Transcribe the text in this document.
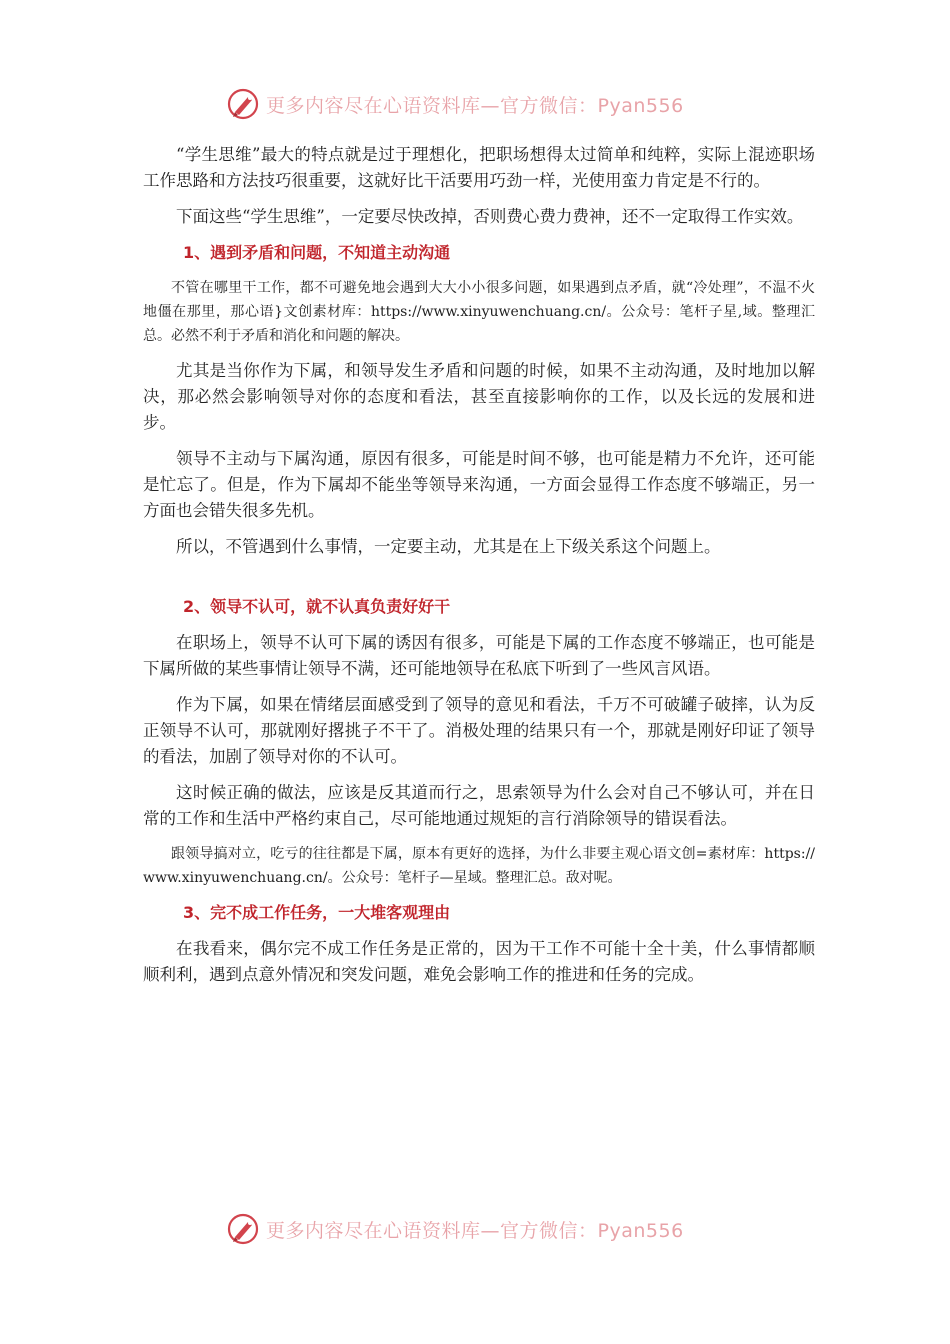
更多内容尽在心语资料库—官方微信：Pyan556

“学生思维”最大的特点就是过于理想化，把职场想得太过简单和纯粹，实际上混迹职场工作思路和方法技巧很重要，这就好比干活要用巧劲一样，光使用蛮力肯定是不行的。

下面这些“学生思维”，一定要尽快改掉，否则费心费力费神，还不一定取得工作实效。

1、遇到矛盾和问题，不知道主动沟通

不管在哪里干工作，都不可避免地会遇到大大小小很多问题，如果遇到点矛盾，就“冷处理”，不温不火地僵在那里，那心语}文创素材库：https://www.xinyuwenchuang.cn/。公众号：笔杆子星,域。整理汇总。必然不利于矛盾和消化和问题的解决。

尤其是当你作为下属，和领导发生矛盾和问题的时候，如果不主动沟通，及时地加以解决，那必然会影响领导对你的态度和看法，甚至直接影响你的工作，以及长远的发展和进步。

领导不主动与下属沟通，原因有很多，可能是时间不够，也可能是精力不允许，还可能是忙忘了。但是，作为下属却不能坐等领导来沟通，一方面会显得工作态度不够端正，另一方面也会错失很多先机。

所以，不管遇到什么事情，一定要主动，尤其是在上下级关系这个问题上。

2、领导不认可，就不认真负责好好干

在职场上，领导不认可下属的诱因有很多，可能是下属的工作态度不够端正，也可能是下属所做的某些事情让领导不满，还可能地领导在私底下听到了一些风言风语。

作为下属，如果在情绪层面感受到了领导的意见和看法，千万不可破罐子破摔，认为反正领导不认可，那就刚好撂挑子不干了。消极处理的结果只有一个，那就是刚好印证了领导的看法，加剧了领导对你的不认可。

这时候正确的做法，应该是反其道而行之，思索领导为什么会对自己不够认可，并在日常的工作和生活中严格约束自己，尽可能地通过规矩的言行消除领导的错误看法。

跟领导搞对立，吃亏的往往都是下属，原本有更好的选择，为什么非要主观心语文创=素材库：https://www.xinyuwenchuang.cn/。公众号：笔杆子—星域。整理汇总。敌对呢。

3、完不成工作任务，一大堆客观理由

在我看来，偶尔完不成工作任务是正常的，因为干工作不可能十全十美，什么事情都顺顺利利，遇到点意外情况和突发问题，难免会影响工作的推进和任务的完成。

更多内容尽在心语资料库—官方微信：Pyan556
